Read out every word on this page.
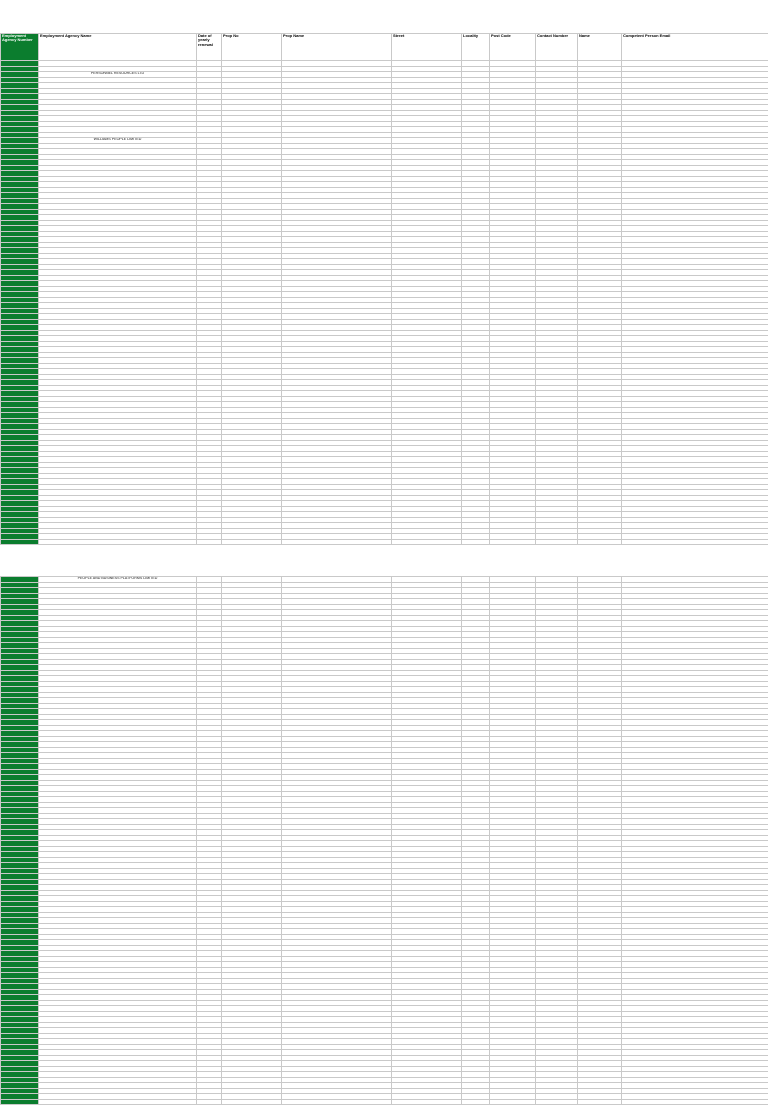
Employment Agency Number	Employment Agency Name	Date of yearly renewal	Prop No	Prop Name	Street	Locality	Post Code	Contact Number	Name	Competent Person Email

	PERSONNEL RESOURCES LTD									

	WILLIAMS PEOPLE LIMITED									

	PEOPLE AND BUSINESS PLATFORMS LIMITED									
